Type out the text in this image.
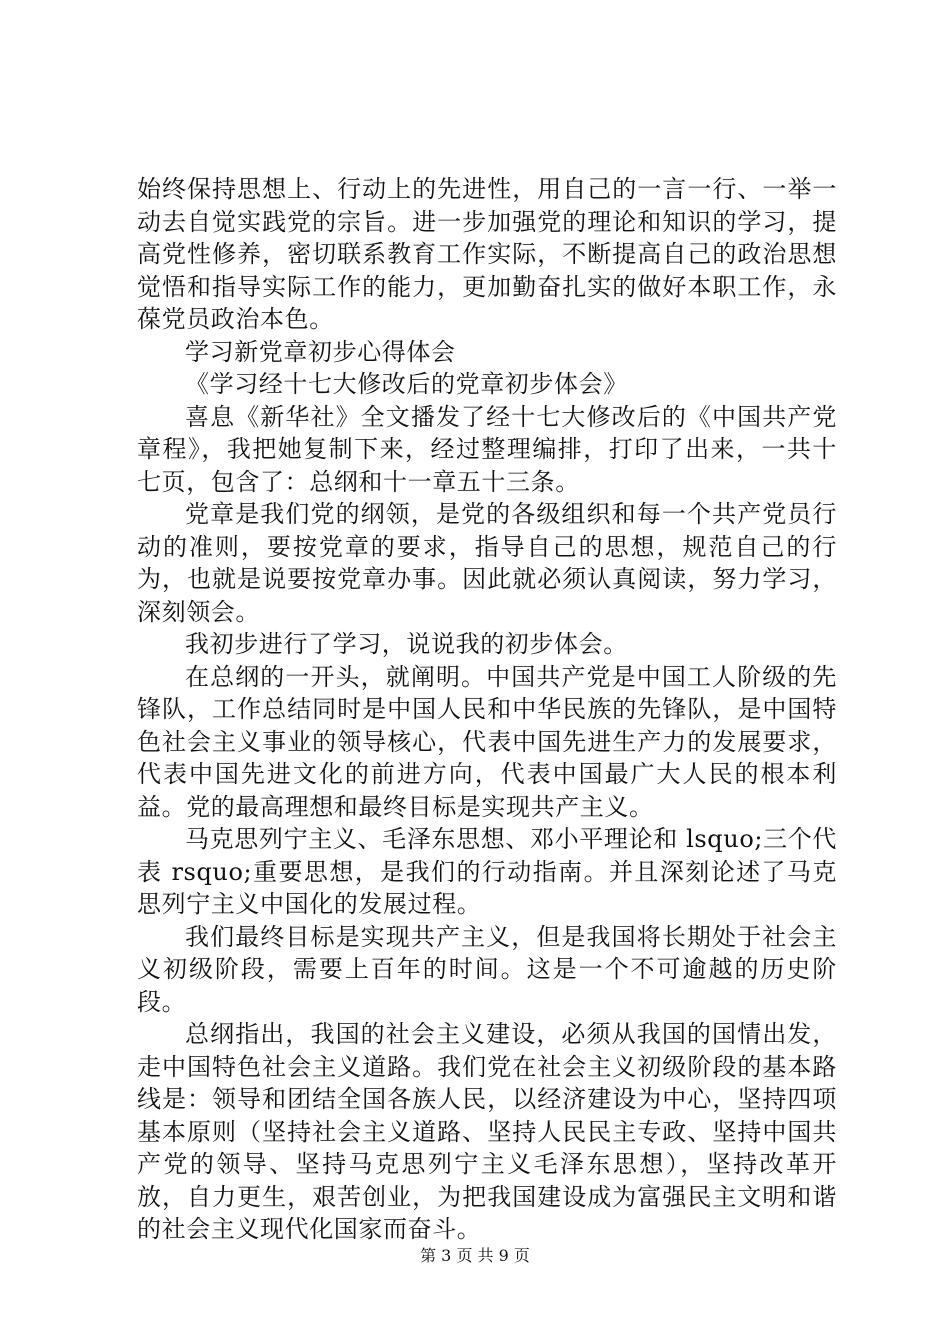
始终保持思想上、行动上的先进性，用自己的一言一行、一举一动去自觉实践党的宗旨。进一步加强党的理论和知识的学习，提高党性修养，密切联系教育工作实际，不断提高自己的政治思想觉悟和指导实际工作的能力，更加勤奋扎实的做好本职工作，永葆党员政治本色。

学习新党章初步心得体会

《学习经十七大修改后的党章初步体会》

喜息《新华社》全文播发了经十七大修改后的《中国共产党章程》，我把她复制下来，经过整理编排，打印了出来，一共十七页，包含了：总纲和十一章五十三条。

党章是我们党的纲领，是党的各级组织和每一个共产党员行动的准则，要按党章的要求，指导自己的思想，规范自己的行为，也就是说要按党章办事。因此就必须认真阅读，努力学习，深刻领会。

我初步进行了学习，说说我的初步体会。

在总纲的一开头，就阐明。中国共产党是中国工人阶级的先锋队，工作总结同时是中国人民和中华民族的先锋队，是中国特色社会主义事业的领导核心，代表中国先进生产力的发展要求，代表中国先进文化的前进方向，代表中国最广大人民的根本利益。党的最高理想和最终目标是实现共产主义。

马克思列宁主义、毛泽东思想、邓小平理论和 lsquo;三个代表 rsquo;重要思想，是我们的行动指南。并且深刻论述了马克思列宁主义中国化的发展过程。

我们最终目标是实现共产主义，但是我国将长期处于社会主义初级阶段，需要上百年的时间。这是一个不可逾越的历史阶段。

总纲指出，我国的社会主义建设，必须从我国的国情出发，走中国特色社会主义道路。我们党在社会主义初级阶段的基本路线是：领导和团结全国各族人民，以经济建设为中心，坚持四项基本原则（坚持社会主义道路、坚持人民民主专政、坚持中国共产党的领导、坚持马克思列宁主义毛泽东思想），坚持改革开放，自力更生，艰苦创业，为把我国建设成为富强民主文明和谐的社会主义现代化国家而奋斗。

第 3 页 共 9 页
